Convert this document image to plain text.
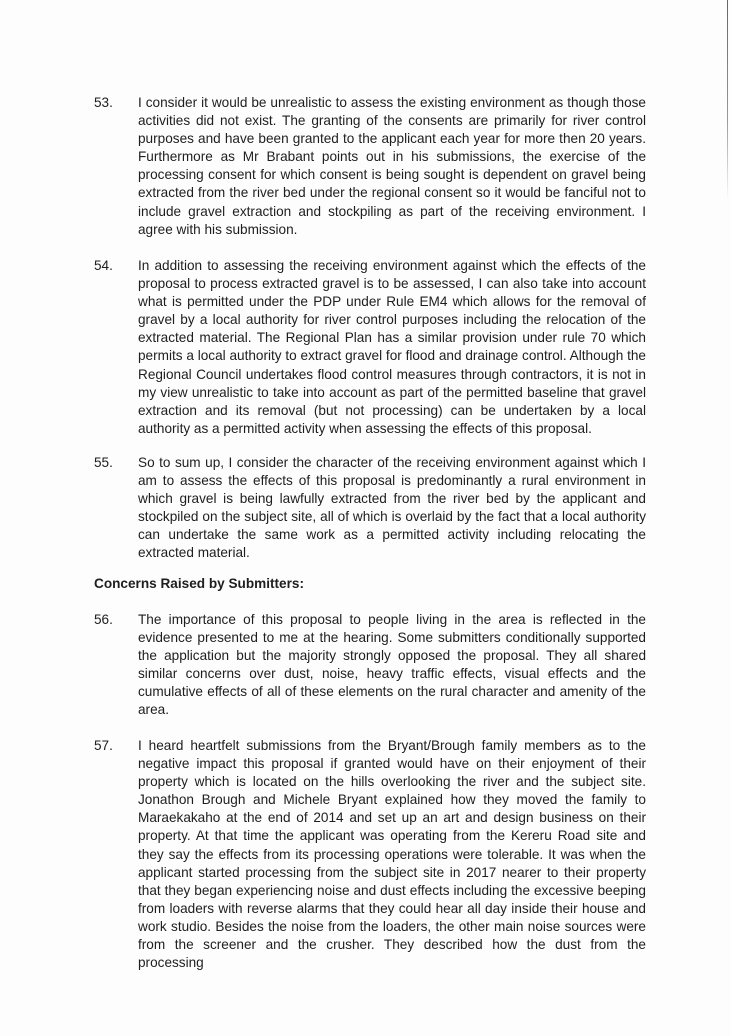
53.	I consider it would be unrealistic to assess the existing environment as though those activities did not exist. The granting of the consents are primarily for river control purposes and have been granted to the applicant each year for more then 20 years. Furthermore as Mr Brabant points out in his submissions, the exercise of the processing consent for which consent is being sought is dependent on gravel being extracted from the river bed under the regional consent so it would be fanciful not to include gravel extraction and stockpiling as part of the receiving environment. I agree with his submission.
54.	In addition to assessing the receiving environment against which the effects of the proposal to process extracted gravel is to be assessed, I can also take into account what is permitted under the PDP under Rule EM4 which allows for the removal of gravel by a local authority for river control purposes including the relocation of the extracted material. The Regional Plan has a similar provision under rule 70 which permits a local authority to extract gravel for flood and drainage control. Although the Regional Council undertakes flood control measures through contractors, it is not in my view unrealistic to take into account as part of the permitted baseline that gravel extraction and its removal (but not processing) can be undertaken by a local authority as a permitted activity when assessing the effects of this proposal.
55.	So to sum up, I consider the character of the receiving environment against which I am to assess the effects of this proposal is predominantly a rural environment in which gravel is being lawfully extracted from the river bed by the applicant and stockpiled on the subject site, all of which is overlaid by the fact that a local authority can undertake the same work as a permitted activity including relocating the extracted material.
Concerns Raised by Submitters:
56.	The importance of this proposal to people living in the area is reflected in the evidence presented to me at the hearing. Some submitters conditionally supported the application but the majority strongly opposed the proposal. They all shared similar concerns over dust, noise, heavy traffic effects, visual effects and the cumulative effects of all of these elements on the rural character and amenity of the area.
57.	I heard heartfelt submissions from the Bryant/Brough family members as to the negative impact this proposal if granted would have on their enjoyment of their property which is located on the hills overlooking the river and the subject site. Jonathon Brough and Michele Bryant explained how they moved the family to Maraekakaho at the end of 2014 and set up an art and design business on their property. At that time the applicant was operating from the Kereru Road site and they say the effects from its processing operations were tolerable. It was when the applicant started processing from the subject site in 2017 nearer to their property that they began experiencing noise and dust effects including the excessive beeping from loaders with reverse alarms that they could hear all day inside their house and work studio. Besides the noise from the loaders, the other main noise sources were from the screener and the crusher. They described how the dust from the processing
